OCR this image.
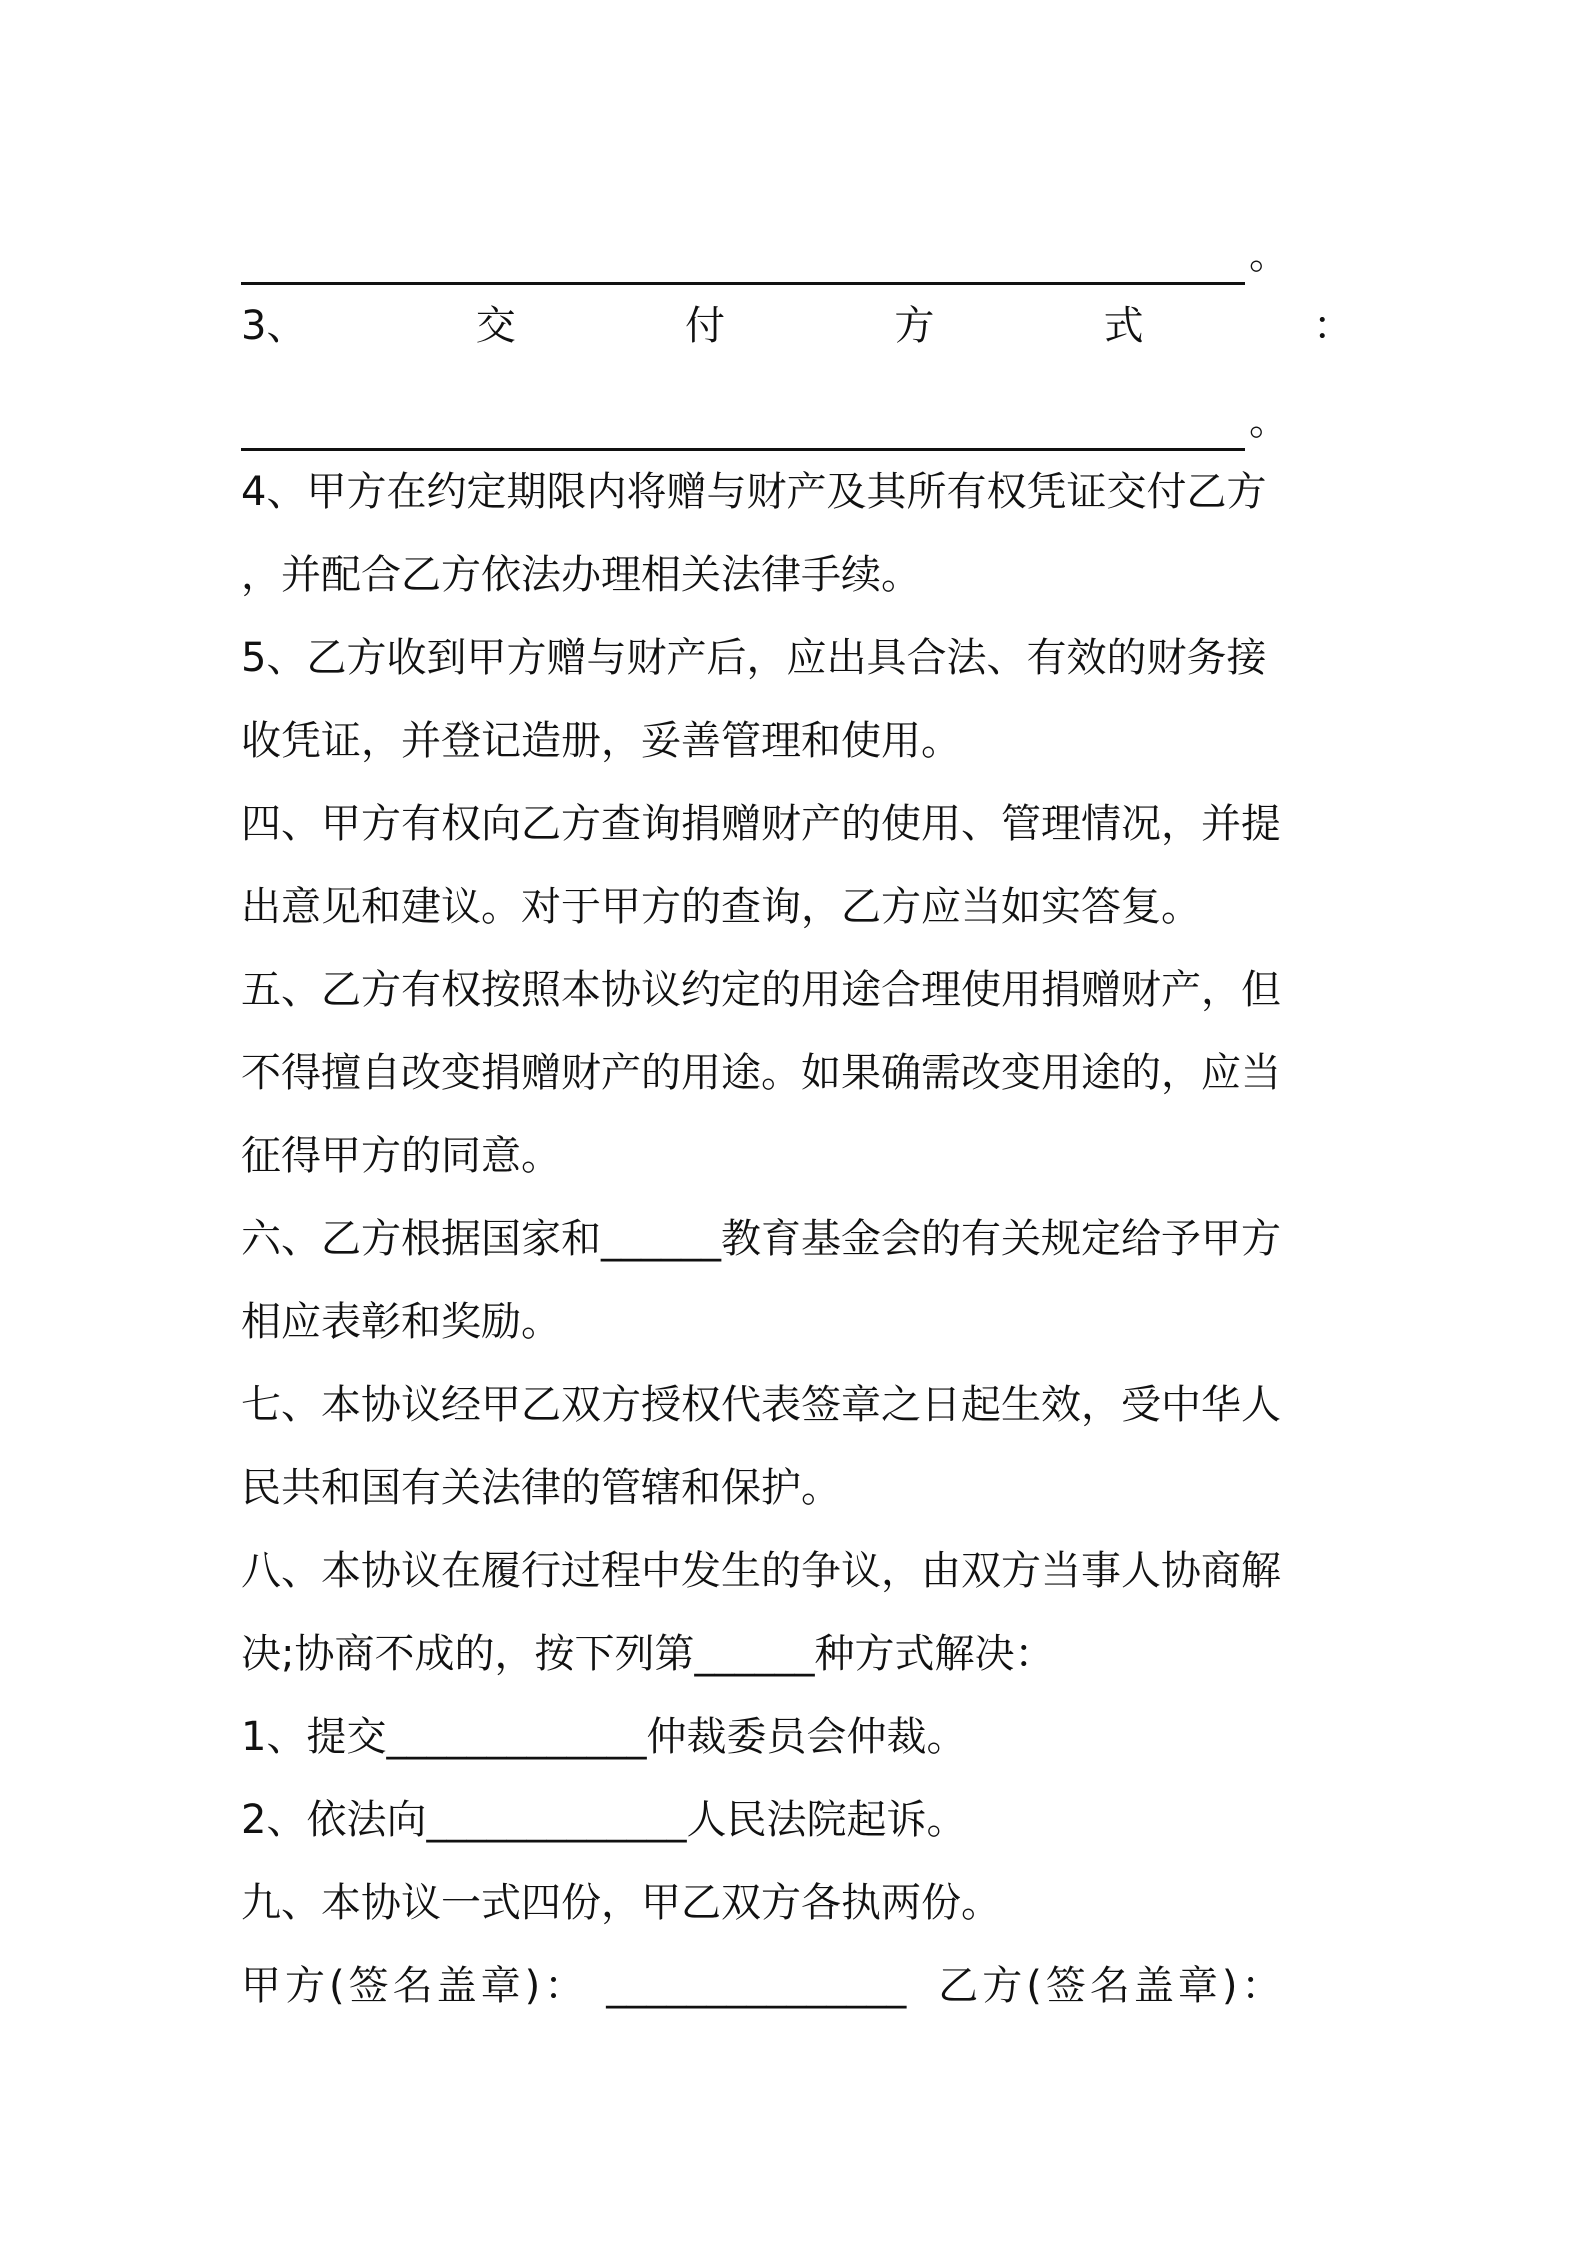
。
3、	交	付	方	式	：
。
4、甲方在约定期限内将赠与财产及其所有权凭证交付乙方
，并配合乙方依法办理相关法律手续。
5、乙方收到甲方赠与财产后，应出具合法、有效的财务接
收凭证，并登记造册，妥善管理和使用。
四、甲方有权向乙方查询捐赠财产的使用、管理情况，并提
出意见和建议。对于甲方的查询，乙方应当如实答复。
五、乙方有权按照本协议约定的用途合理使用捐赠财产，但
不得擅自改变捐赠财产的用途。如果确需改变用途的，应当
征得甲方的同意。
六、乙方根据国家和______教育基金会的有关规定给予甲方
相应表彰和奖励。
七、本协议经甲乙双方授权代表签章之日起生效，受中华人
民共和国有关法律的管辖和保护。
八、本协议在履行过程中发生的争议，由双方当事人协商解
决;协商不成的，按下列第______种方式解决：
1、提交_____________仲裁委员会仲裁。
2、依法向_____________人民法院起诉。
九、本协议一式四份，甲乙双方各执两份。
甲方(签名盖章)： _______________ 乙方(签名盖章)：
